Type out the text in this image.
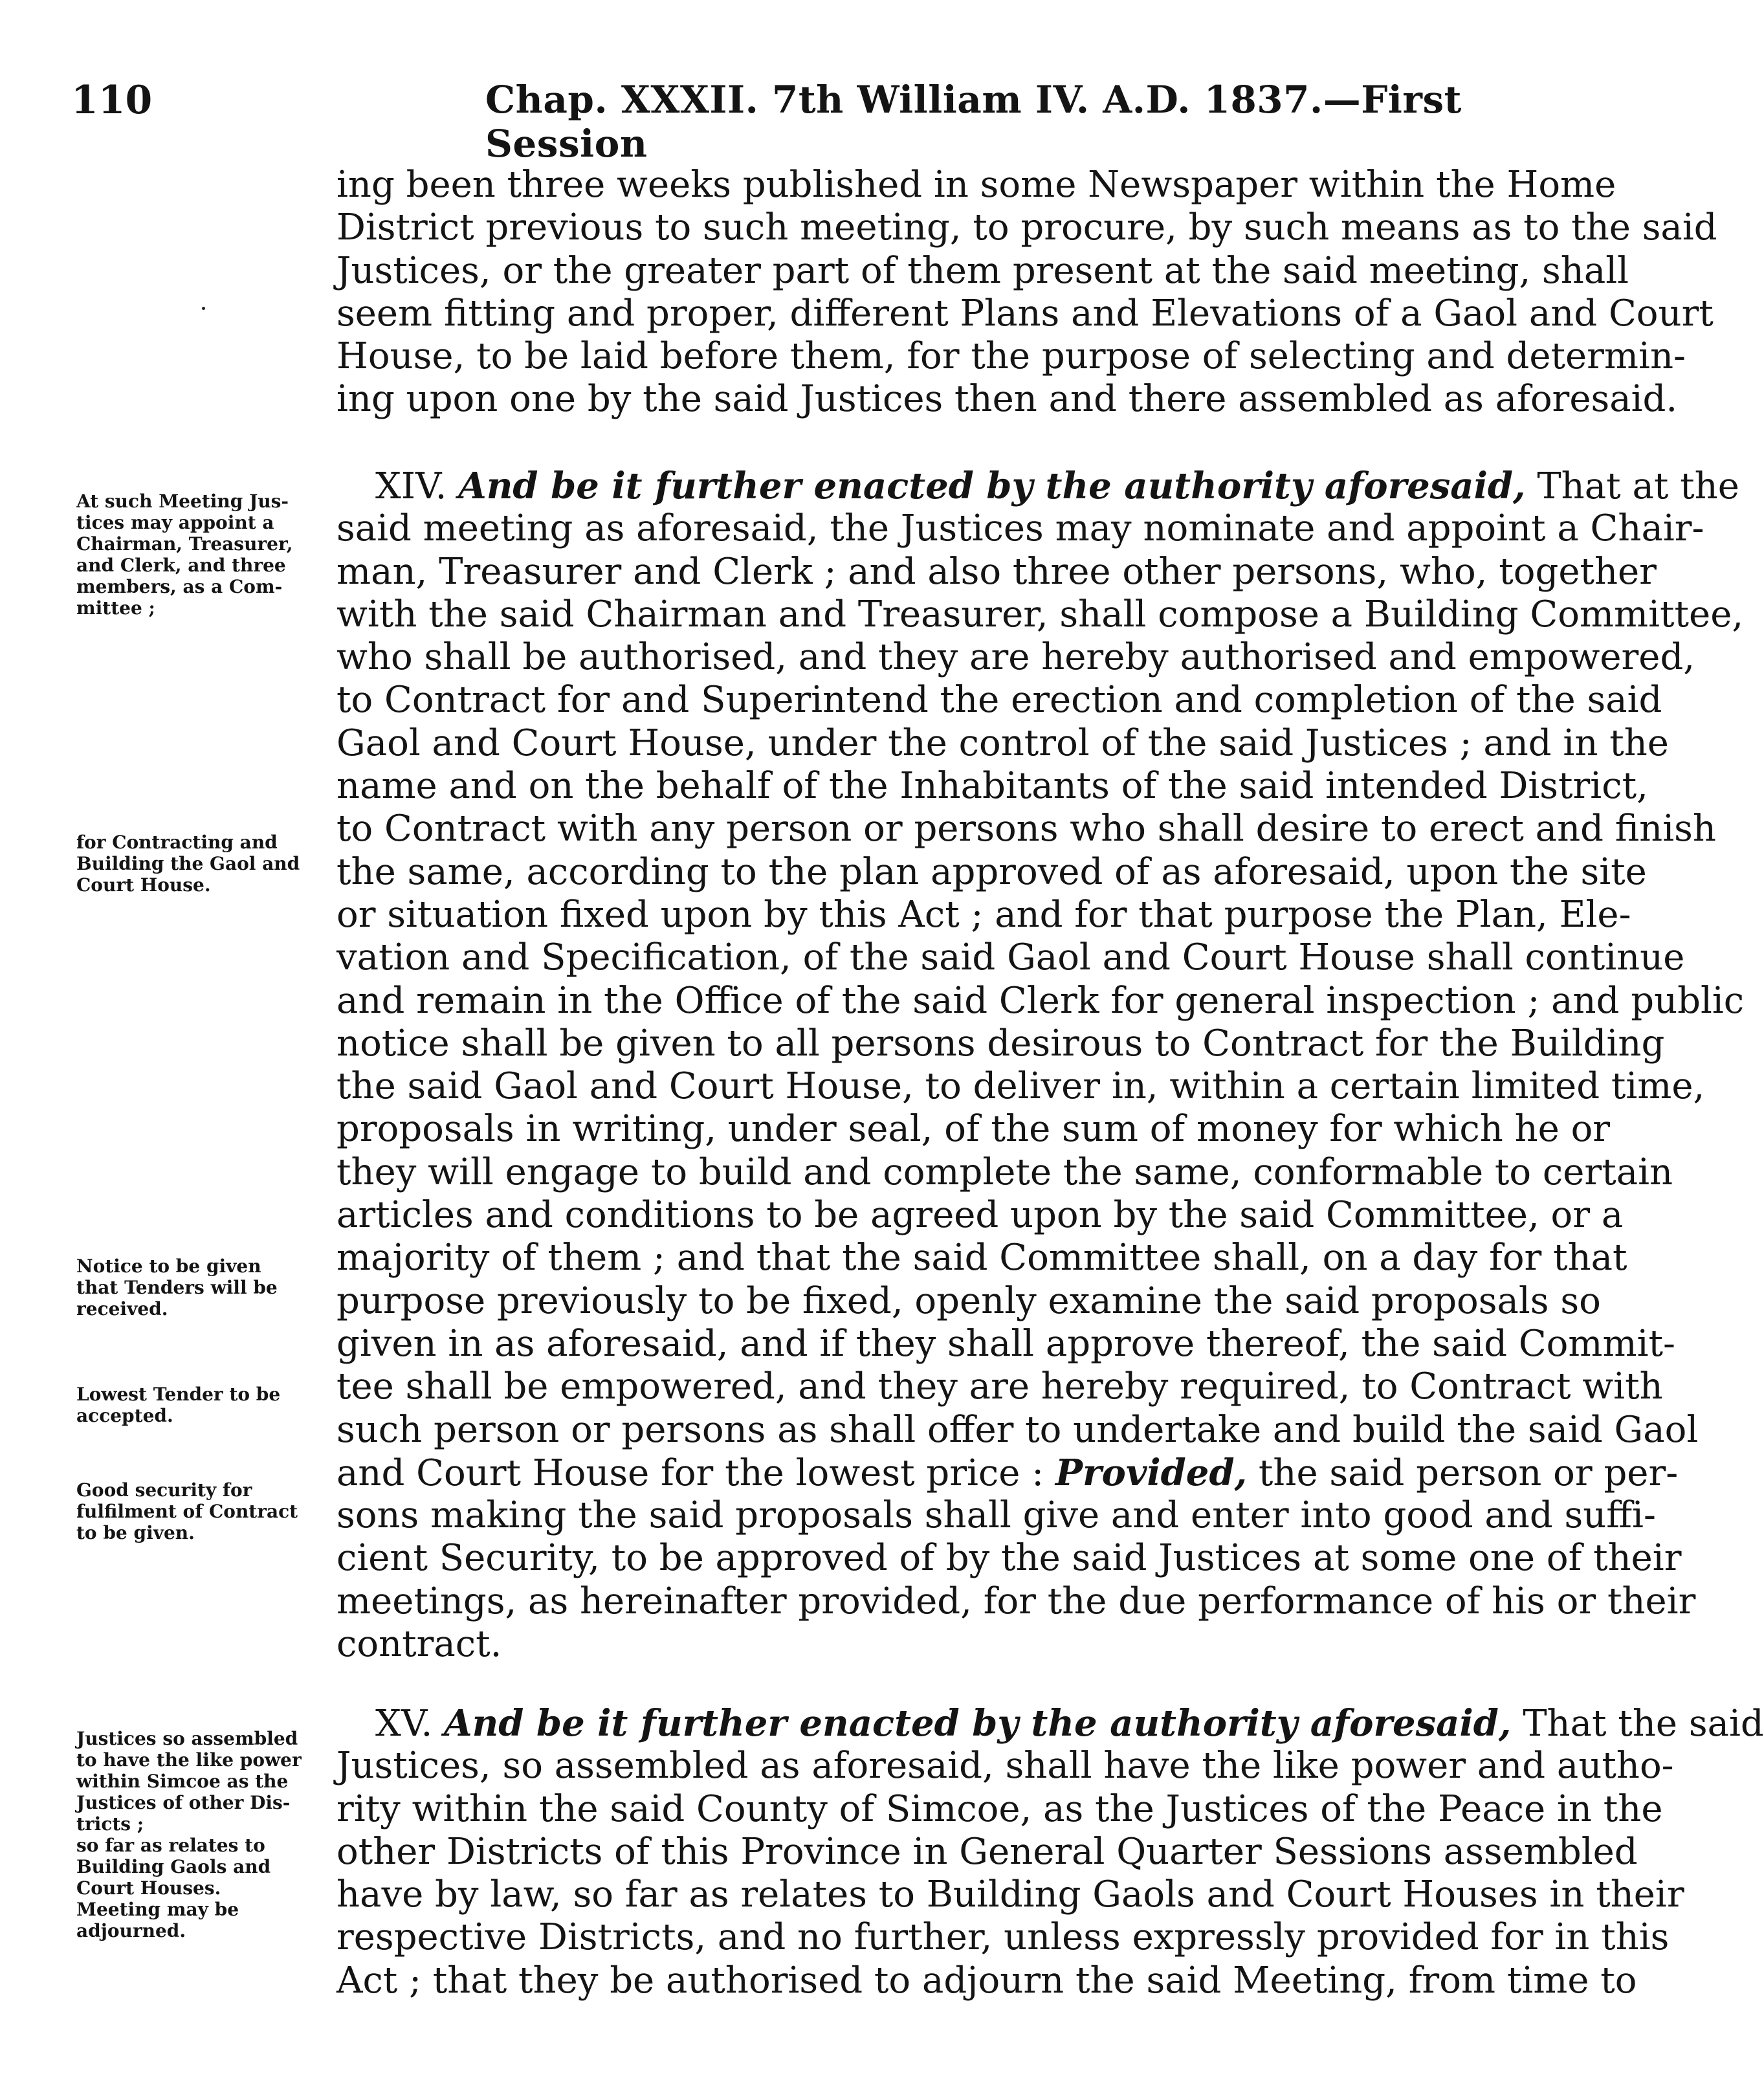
110	Chap. XXXII. 7th William IV. A.D. 1837.—First Session
ing been three weeks published in some Newspaper within the Home
District previous to such meeting, to procure, by such means as to the said
Justices, or the greater part of them present at the said meeting, shall
seem fitting and proper, different Plans and Elevations of a Gaol and Court
House, to be laid before them, for the purpose of selecting and determin-
ing upon one by the said Justices then and there assembled as aforesaid.
XIV. And be it further enacted by the authority aforesaid, That at the
said meeting as aforesaid, the Justices may nominate and appoint a Chair-
man, Treasurer and Clerk ; and also three other persons, who, together
with the said Chairman and Treasurer, shall compose a Building Committee,
who shall be authorised, and they are hereby authorised and empowered,
to Contract for and Superintend the erection and completion of the said
Gaol and Court House, under the control of the said Justices ; and in the
name and on the behalf of the Inhabitants of the said intended District,
to Contract with any person or persons who shall desire to erect and finish
the same, according to the plan approved of as aforesaid, upon the site
or situation fixed upon by this Act ; and for that purpose the Plan, Ele-
vation and Specification, of the said Gaol and Court House shall continue
and remain in the Office of the said Clerk for general inspection ; and public
notice shall be given to all persons desirous to Contract for the Building
the said Gaol and Court House, to deliver in, within a certain limited time,
proposals in writing, under seal, of the sum of money for which he or
they will engage to build and complete the same, conformable to certain
articles and conditions to be agreed upon by the said Committee, or a
majority of them ; and that the said Committee shall, on a day for that
purpose previously to be fixed, openly examine the said proposals so
given in as aforesaid, and if they shall approve thereof, the said Commit-
tee shall be empowered, and they are hereby required, to Contract with
such person or persons as shall offer to undertake and build the said Gaol
and Court House for the lowest price : Provided, the said person or per-
sons making the said proposals shall give and enter into good and suffi-
cient Security, to be approved of by the said Justices at some one of their
meetings, as hereinafter provided, for the due performance of his or their
contract.
XV. And be it further enacted by the authority aforesaid, That the said
Justices, so assembled as aforesaid, shall have the like power and autho-
rity within the said County of Simcoe, as the Justices of the Peace in the
other Districts of this Province in General Quarter Sessions assembled
have by law, so far as relates to Building Gaols and Court Houses in their
respective Districts, and no further, unless expressly provided for in this
Act ; that they be authorised to adjourn the said Meeting, from time to
At such Meeting Jus-
tices may appoint a
Chairman, Treasurer,
and Clerk, and three
members, as a Com-
mittee ;
for Contracting and
Building the Gaol and
Court House.
Notice to be given
that Tenders will be
received.
Lowest Tender to be
accepted.
Good security for
fulfilment of Contract
to be given.
Justices so assembled
to have the like power
within Simcoe as the
Justices of other Dis-
tricts ;
so far as relates to
Building Gaols and
Court Houses.
Meeting may be
adjourned.
